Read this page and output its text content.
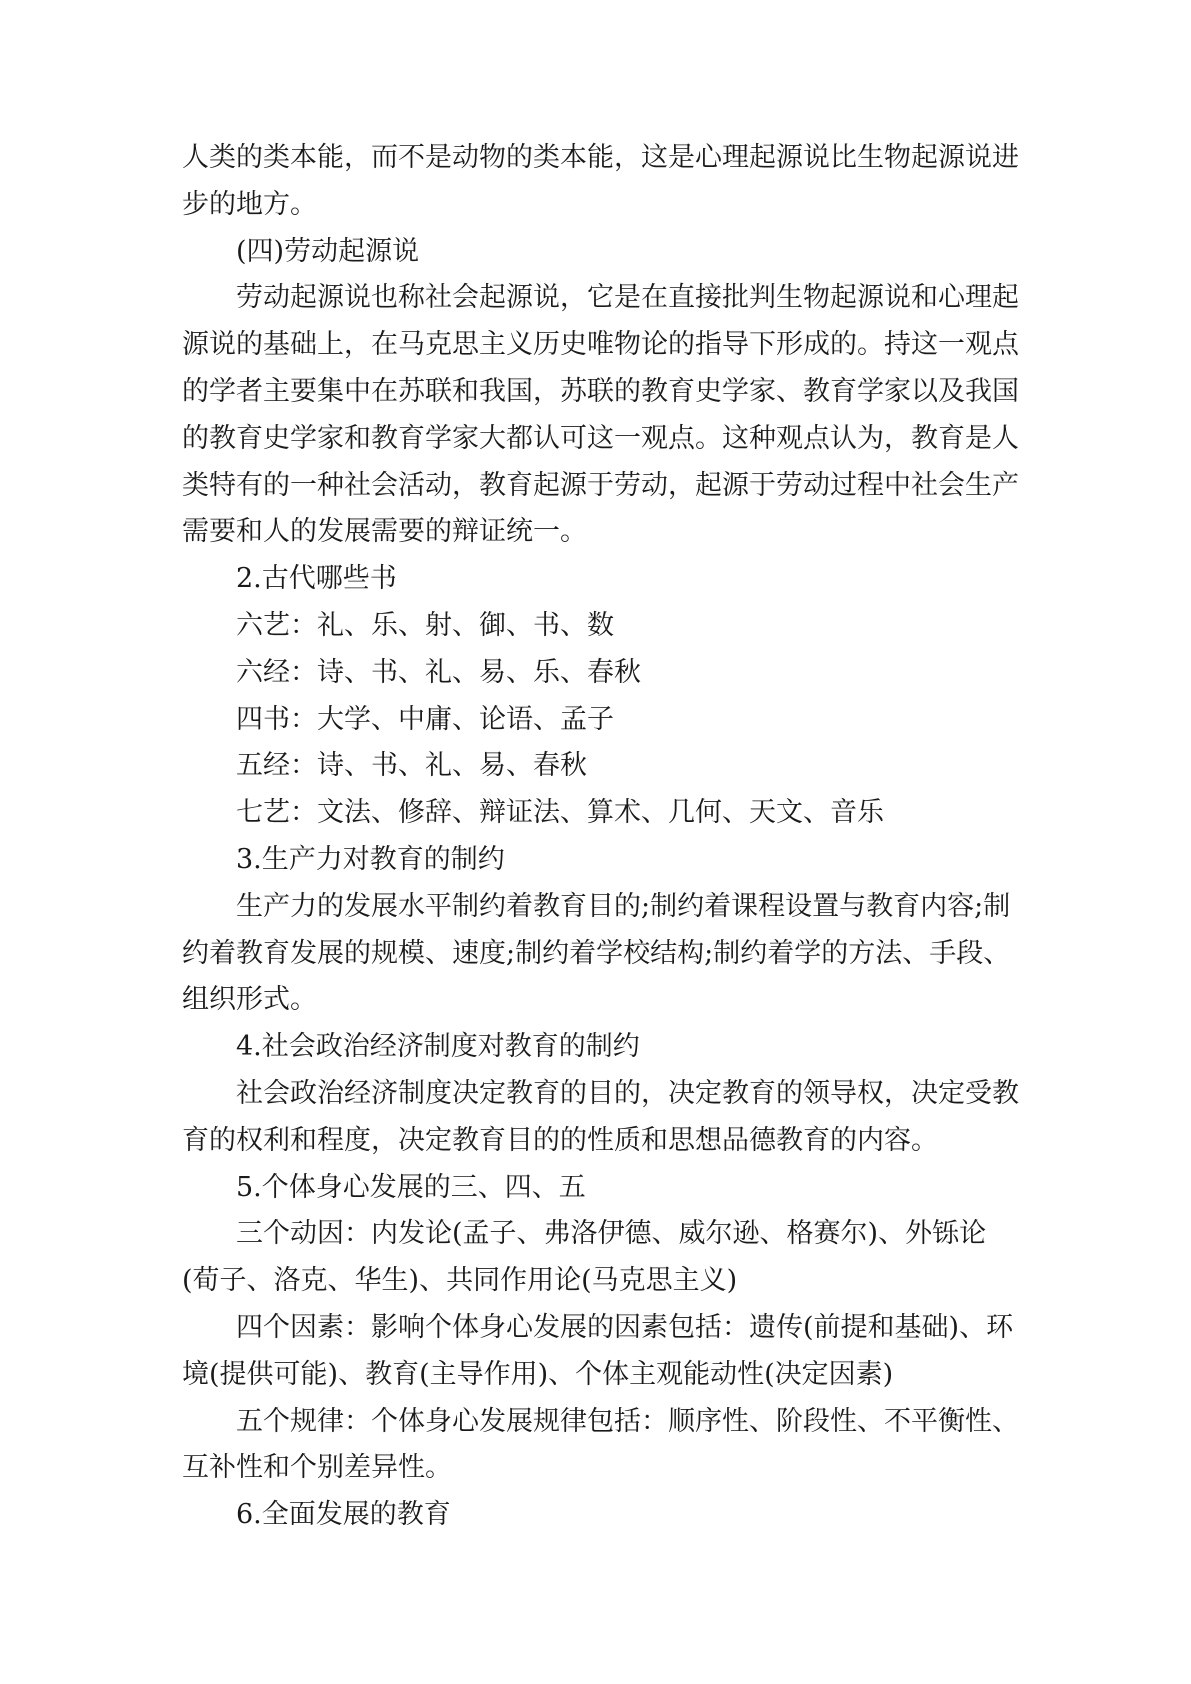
人类的类本能，而不是动物的类本能，这是心理起源说比生物起源说进步的地方。

(四)劳动起源说

劳动起源说也称社会起源说，它是在直接批判生物起源说和心理起源说的基础上，在马克思主义历史唯物论的指导下形成的。持这一观点的学者主要集中在苏联和我国，苏联的教育史学家、教育学家以及我国的教育史学家和教育学家大都认可这一观点。这种观点认为，教育是人类特有的一种社会活动，教育起源于劳动，起源于劳动过程中社会生产需要和人的发展需要的辩证统一。

2.古代哪些书

六艺：礼、乐、射、御、书、数

六经：诗、书、礼、易、乐、春秋

四书：大学、中庸、论语、孟子

五经：诗、书、礼、易、春秋

七艺：文法、修辞、辩证法、算术、几何、天文、音乐

3.生产力对教育的制约

生产力的发展水平制约着教育目的;制约着课程设置与教育内容;制约着教育发展的规模、速度;制约着学校结构;制约着学的方法、手段、组织形式。

4.社会政治经济制度对教育的制约

社会政治经济制度决定教育的目的，决定教育的领导权，决定受教育的权利和程度，决定教育目的的性质和思想品德教育的内容。

5.个体身心发展的三、四、五

三个动因：内发论(孟子、弗洛伊德、威尔逊、格赛尔)、外铄论(荀子、洛克、华生)、共同作用论(马克思主义)

四个因素：影响个体身心发展的因素包括：遗传(前提和基础)、环境(提供可能)、教育(主导作用)、个体主观能动性(决定因素)

五个规律：个体身心发展规律包括：顺序性、阶段性、不平衡性、互补性和个别差异性。

6.全面发展的教育
